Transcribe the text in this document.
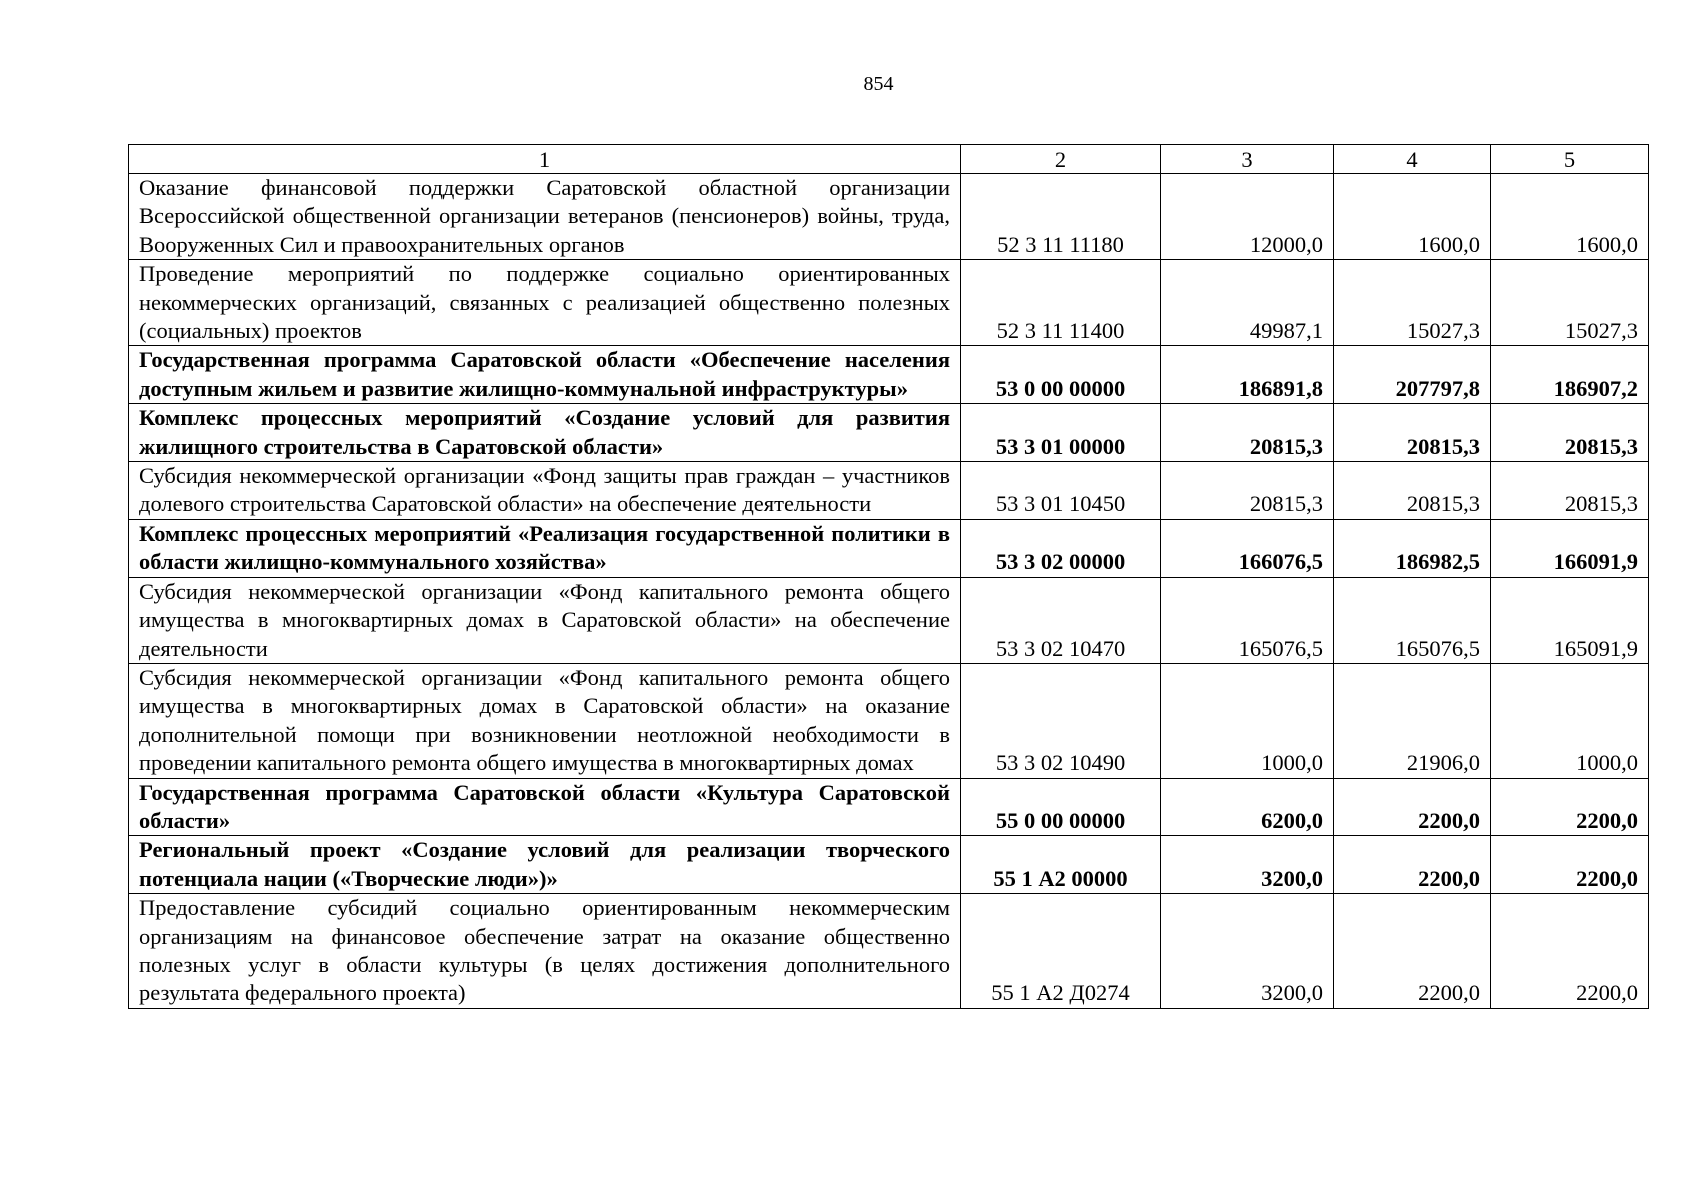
854
1	2	3	4	5
Оказание финансовой поддержки Саратовской областной организации Всероссийской общественной организации ветеранов (пенсионеров) войны, труда, Вооруженных Сил и правоохранительных органов	52 3 11 11180	12000,0	1600,0	1600,0
Проведение мероприятий по поддержке социально ориентированных некоммерческих организаций, связанных с реализацией общественно полезных (социальных) проектов	52 3 11 11400	49987,1	15027,3	15027,3
Государственная программа Саратовской области «Обеспечение населения доступным жильем и развитие жилищно-коммунальной инфраструктуры»	53 0 00 00000	186891,8	207797,8	186907,2
Комплекс процессных мероприятий «Создание условий для развития жилищного строительства в Саратовской области»	53 3 01 00000	20815,3	20815,3	20815,3
Субсидия некоммерческой организации «Фонд защиты прав граждан – участников долевого строительства Саратовской области» на обеспечение деятельности	53 3 01 10450	20815,3	20815,3	20815,3
Комплекс процессных мероприятий «Реализация государственной политики в области жилищно-коммунального хозяйства»	53 3 02 00000	166076,5	186982,5	166091,9
Субсидия некоммерческой организации «Фонд капитального ремонта общего имущества в многоквартирных домах в Саратовской области» на обеспечение деятельности	53 3 02 10470	165076,5	165076,5	165091,9
Субсидия некоммерческой организации «Фонд капитального ремонта общего имущества в многоквартирных домах в Саратовской области» на оказание дополнительной помощи при возникновении неотложной необходимости в проведении капитального ремонта общего имущества в многоквартирных домах	53 3 02 10490	1000,0	21906,0	1000,0
Государственная программа Саратовской области «Культура Саратовской области»	55 0 00 00000	6200,0	2200,0	2200,0
Региональный проект «Создание условий для реализации творческого потенциала нации («Творческие люди»)»	55 1 А2 00000	3200,0	2200,0	2200,0
Предоставление субсидий социально ориентированным некоммерческим организациям на финансовое обеспечение затрат на оказание общественно полезных услуг в области культуры (в целях достижения дополнительного результата федерального проекта)	55 1 А2 Д0274	3200,0	2200,0	2200,0
